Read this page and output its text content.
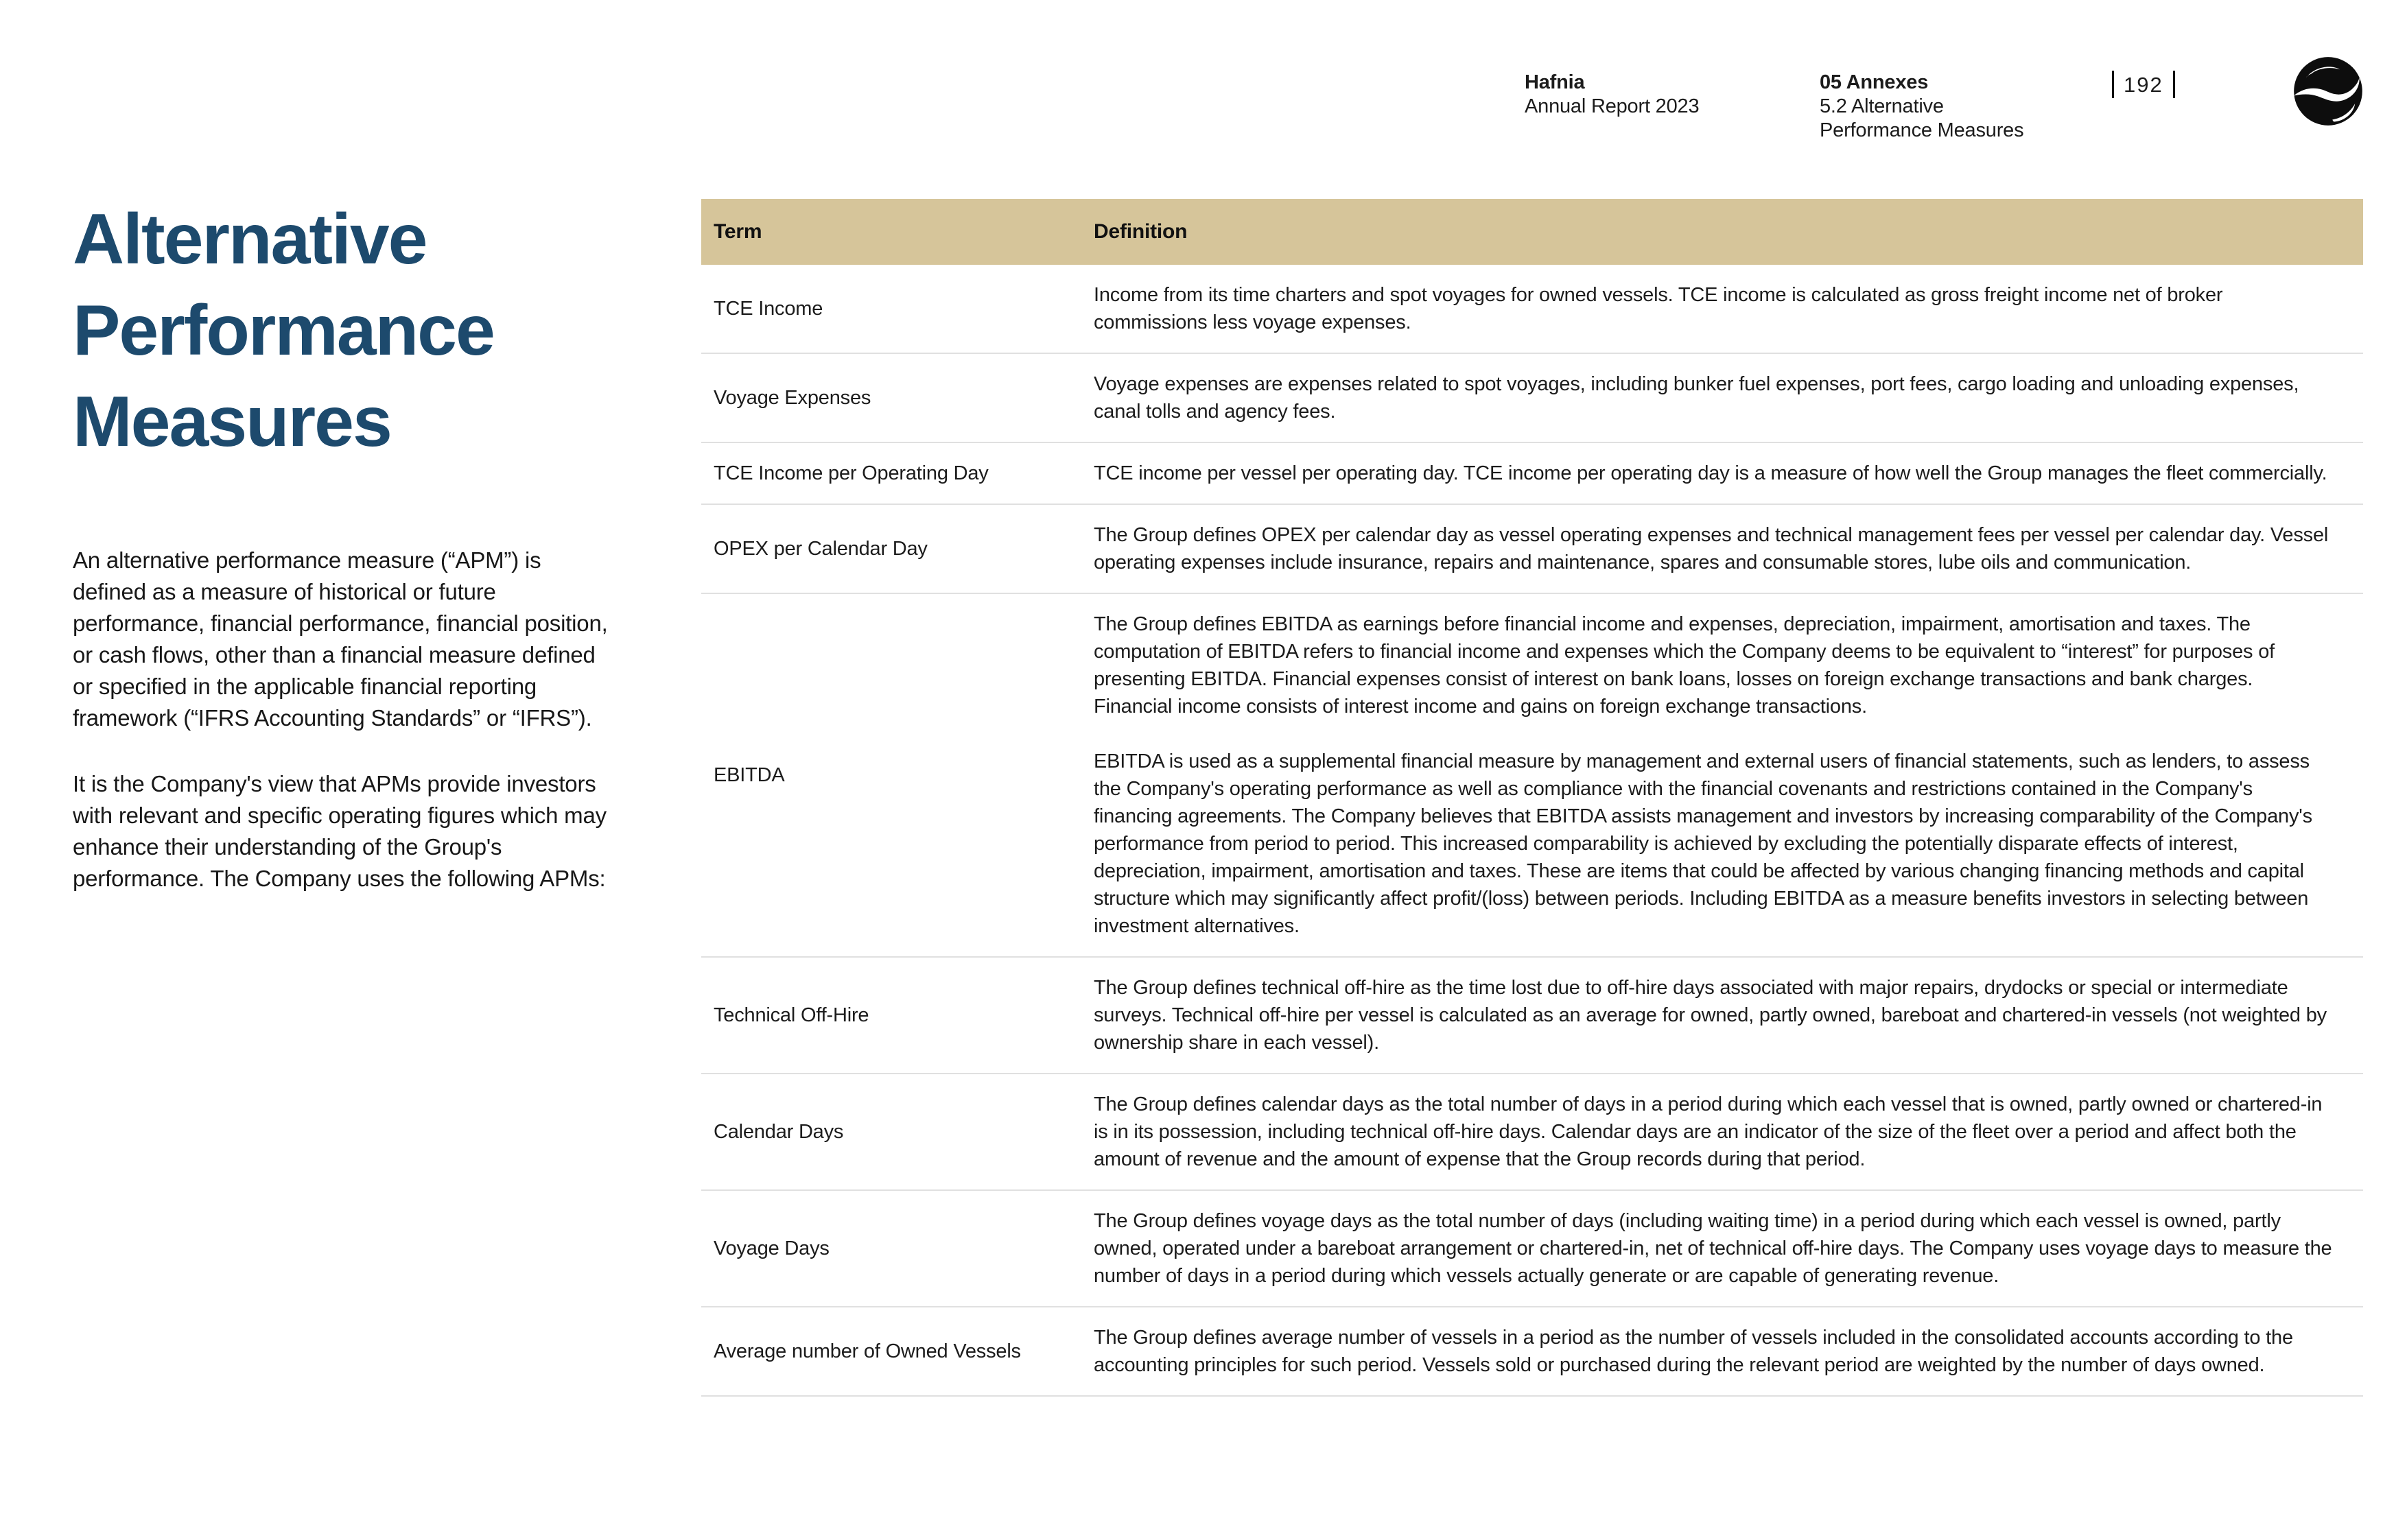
Hafnia
Annual Report 2023
05 Annexes
5.2 Alternative
Performance Measures
192
Alternative
Performance
Measures

An alternative performance measure (“APM”) is defined as a measure of historical or future performance, financial performance, financial position, or cash flows, other than a financial measure defined or specified in the applicable financial reporting framework (“IFRS Accounting Standards” or “IFRS”).

It is the Company's view that APMs provide investors with relevant and specific operating figures which may enhance their understanding of the Group's performance. The Company uses the following APMs:

Term	Definition
TCE Income

Income from its time charters and spot voyages for owned vessels. TCE income is calculated as gross freight income net of broker commissions less voyage expenses.

Voyage Expenses

Voyage expenses are expenses related to spot voyages, including bunker fuel expenses, port fees, cargo loading and unloading expenses, canal tolls and agency fees.

TCE Income per Operating Day	TCE income per vessel per operating day. TCE income per operating day is a measure of how well the Group manages the fleet commercially.

OPEX per Calendar Day

The Group defines OPEX per calendar day as vessel operating expenses and technical management fees per vessel per calendar day. Vessel operating expenses include insurance, repairs and maintenance, spares and consumable stores, lube oils and communication.

EBITDA

The Group defines EBITDA as earnings before financial income and expenses, depreciation, impairment, amortisation and taxes. The computation of EBITDA refers to financial income and expenses which the Company deems to be equivalent to “interest” for purposes of presenting EBITDA. Financial expenses consist of interest on bank loans, losses on foreign exchange transactions and bank charges. Financial income consists of interest income and gains on foreign exchange transactions.

EBITDA is used as a supplemental financial measure by management and external users of financial statements, such as lenders, to assess the Company's operating performance as well as compliance with the financial covenants and restrictions contained in the Company's financing agreements. The Company believes that EBITDA assists management and investors by increasing comparability of the Company's performance from period to period. This increased comparability is achieved by excluding the potentially disparate effects of interest, depreciation, impairment, amortisation and taxes. These are items that could be affected by various changing financing methods and capital structure which may significantly affect profit/(loss) between periods. Including EBITDA as a measure benefits investors in selecting between investment alternatives.

Technical Off-Hire

The Group defines technical off-hire as the time lost due to off-hire days associated with major repairs, drydocks or special or intermediate surveys. Technical off-hire per vessel is calculated as an average for owned, partly owned, bareboat and chartered-in vessels (not weighted by ownership share in each vessel).

Calendar Days

The Group defines calendar days as the total number of days in a period during which each vessel that is owned, partly owned or chartered-in is in its possession, including technical off-hire days. Calendar days are an indicator of the size of the fleet over a period and affect both the amount of revenue and the amount of expense that the Group records during that period.

Voyage Days

The Group defines voyage days as the total number of days (including waiting time) in a period during which each vessel is owned, partly owned, operated under a bareboat arrangement or chartered-in, net of technical off-hire days. The Company uses voyage days to measure the number of days in a period during which vessels actually generate or are capable of generating revenue.

Average number of Owned Vessels

The Group defines average number of vessels in a period as the number of vessels included in the consolidated accounts according to the accounting principles for such period. Vessels sold or purchased during the relevant period are weighted by the number of days owned.
